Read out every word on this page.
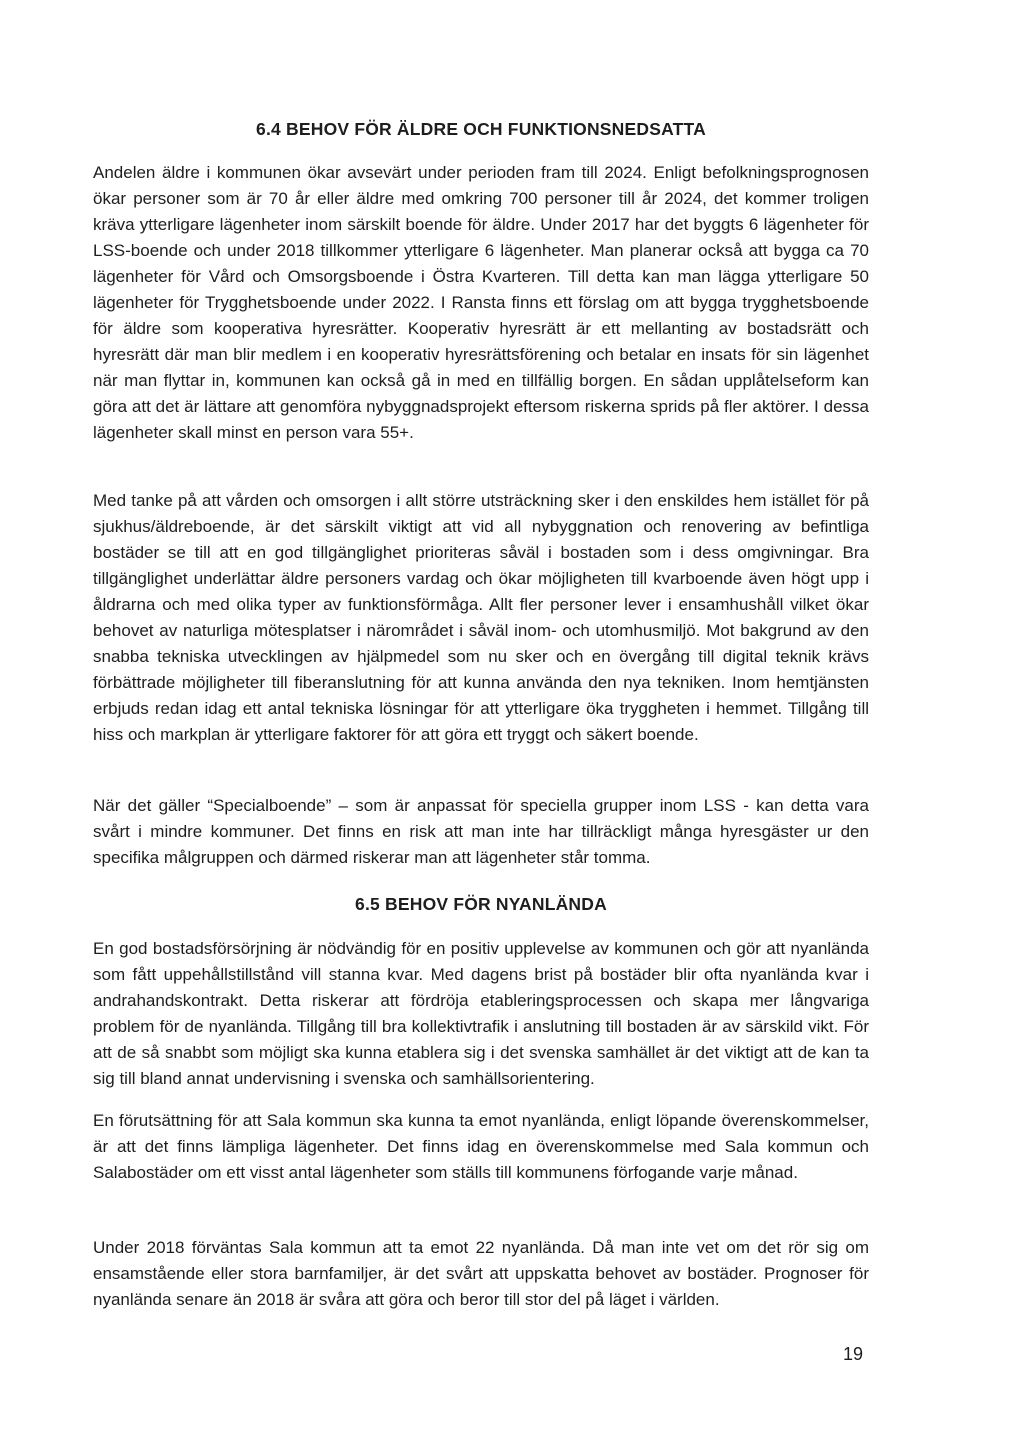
6.4 BEHOV FÖR ÄLDRE OCH FUNKTIONSNEDSATTA

Andelen äldre i kommunen ökar avsevärt under perioden fram till 2024. Enligt befolkningsprognosen ökar personer som är 70 år eller äldre med omkring 700 personer till år 2024, det kommer troligen kräva ytterligare lägenheter inom särskilt boende för äldre. Under 2017 har det byggts 6 lägenheter för LSS-boende och under 2018 tillkommer ytterligare 6 lägenheter. Man planerar också att bygga ca 70 lägenheter för Vård och Omsorgsboende i Östra Kvarteren. Till detta kan man lägga ytterligare 50 lägenheter för Trygghetsboende under 2022. I Ransta finns ett förslag om att bygga trygghetsboende för äldre som kooperativa hyresrätter. Kooperativ hyresrätt är ett mellanting av bostadsrätt och hyresrätt där man blir medlem i en kooperativ hyresrättsförening och betalar en insats för sin lägenhet när man flyttar in, kommunen kan också gå in med en tillfällig borgen. En sådan upplåtelseform kan göra att det är lättare att genomföra nybyggnadsprojekt eftersom riskerna sprids på fler aktörer. I dessa lägenheter skall minst en person vara 55+.

Med tanke på att vården och omsorgen i allt större utsträckning sker i den enskildes hem istället för på sjukhus/äldreboende, är det särskilt viktigt att vid all nybyggnation och renovering av befintliga bostäder se till att en god tillgänglighet prioriteras såväl i bostaden som i dess omgivningar. Bra tillgänglighet underlättar äldre personers vardag och ökar möjligheten till kvarboende även högt upp i åldrarna och med olika typer av funktionsförmåga. Allt fler personer lever i ensamhushåll vilket ökar behovet av naturliga mötesplatser i närområdet i såväl inom- och utomhusmiljö. Mot bakgrund av den snabba tekniska utvecklingen av hjälpmedel som nu sker och en övergång till digital teknik krävs förbättrade möjligheter till fiberanslutning för att kunna använda den nya tekniken. Inom hemtjänsten erbjuds redan idag ett antal tekniska lösningar för att ytterligare öka tryggheten i hemmet. Tillgång till hiss och markplan är ytterligare faktorer för att göra ett tryggt och säkert boende.

När det gäller “Specialboende” – som är anpassat för speciella grupper inom LSS - kan detta vara svårt i mindre kommuner. Det finns en risk att man inte har tillräckligt många hyresgäster ur den specifika målgruppen och därmed riskerar man att lägenheter står tomma.

6.5 BEHOV FÖR NYANLÄNDA

En god bostadsförsörjning är nödvändig för en positiv upplevelse av kommunen och gör att nyanlända som fått uppehållstillstånd vill stanna kvar. Med dagens brist på bostäder blir ofta nyanlända kvar i andrahandskontrakt. Detta riskerar att fördröja etableringsprocessen och skapa mer långvariga problem för de nyanlända. Tillgång till bra kollektivtrafik i anslutning till bostaden är av särskild vikt. För att de så snabbt som möjligt ska kunna etablera sig i det svenska samhället är det viktigt att de kan ta sig till bland annat undervisning i svenska och samhällsorientering.

En förutsättning för att Sala kommun ska kunna ta emot nyanlända, enligt löpande överenskommelser, är att det finns lämpliga lägenheter. Det finns idag en överenskommelse med Sala kommun och Salabostäder om ett visst antal lägenheter som ställs till kommunens förfogande varje månad.

Under 2018 förväntas Sala kommun att ta emot 22 nyanlända. Då man inte vet om det rör sig om ensamstående eller stora barnfamiljer, är det svårt att uppskatta behovet av bostäder. Prognoser för nyanlända senare än 2018 är svåra att göra och beror till stor del på läget i världen.

19
